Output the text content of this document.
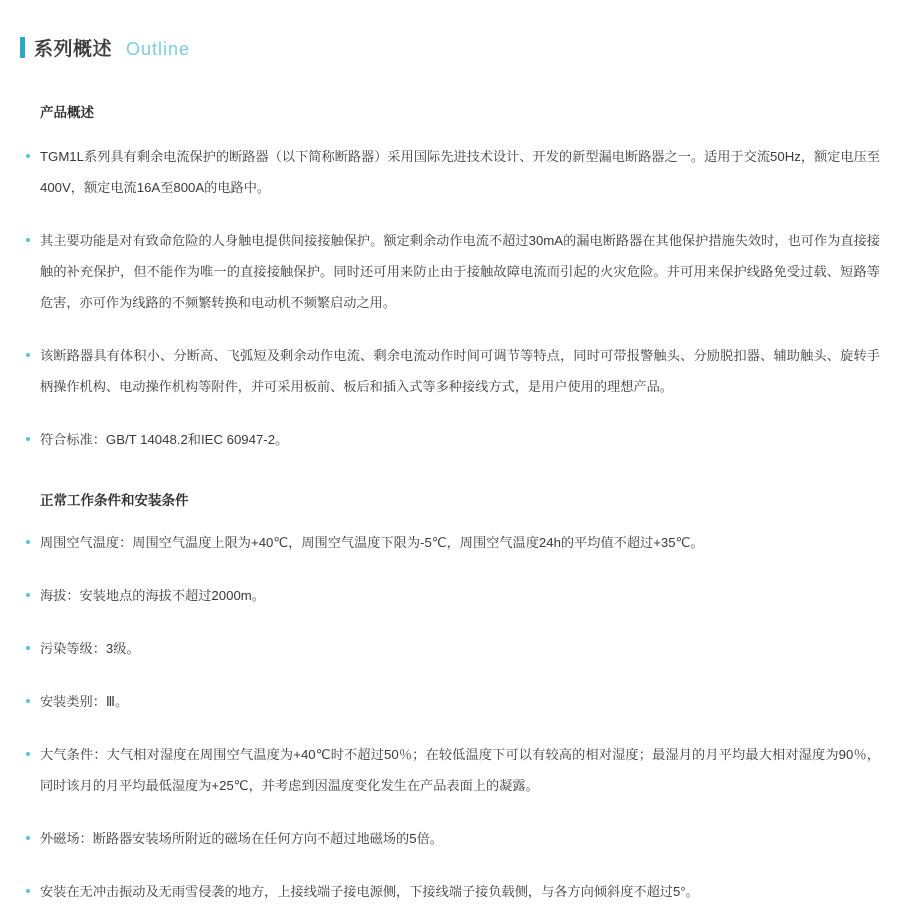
系列概述 Outline
产品概述
TGM1L系列具有剩余电流保护的断路器（以下简称断路器）采用国际先进技术设计、开发的新型漏电断路器之一。适用于交流50Hz，额定电压至400V，额定电流16A至800A的电路中。
其主要功能是对有致命危险的人身触电提供间接接触保护。额定剩余动作电流不超过30mA的漏电断路器在其他保护措施失效时，也可作为直接接触的补充保护，但不能作为唯一的直接接触保护。同时还可用来防止由于接触故障电流而引起的火灾危险。并可用来保护线路免受过载、短路等危害，亦可作为线路的不频繁转换和电动机不频繁启动之用。
该断路器具有体积小、分断高、飞弧短及剩余动作电流、剩余电流动作时间可调节等特点，同时可带报警触头、分励脱扣器、辅助触头、旋转手柄操作机构、电动操作机构等附件，并可采用板前、板后和插入式等多种接线方式，是用户使用的理想产品。
符合标准：GB/T 14048.2和IEC 60947-2。
正常工作条件和安装条件
周围空气温度：周围空气温度上限为+40℃，周围空气温度下限为-5℃，周围空气温度24h的平均值不超过+35℃。
海拔：安装地点的海拔不超过2000m。
污染等级：3级。
安装类别：Ⅲ。
大气条件：大气相对湿度在周围空气温度为+40℃时不超过50％；在较低温度下可以有较高的相对湿度；最湿月的月平均最大相对湿度为90％，同时该月的月平均最低湿度为+25℃，并考虑到因温度变化发生在产品表面上的凝露。
外磁场：断路器安装场所附近的磁场在任何方向不超过地磁场的5倍。
安装在无冲击振动及无雨雪侵袭的地方，上接线端子接电源侧，下接线端子接负载侧，与各方向倾斜度不超过5°。
